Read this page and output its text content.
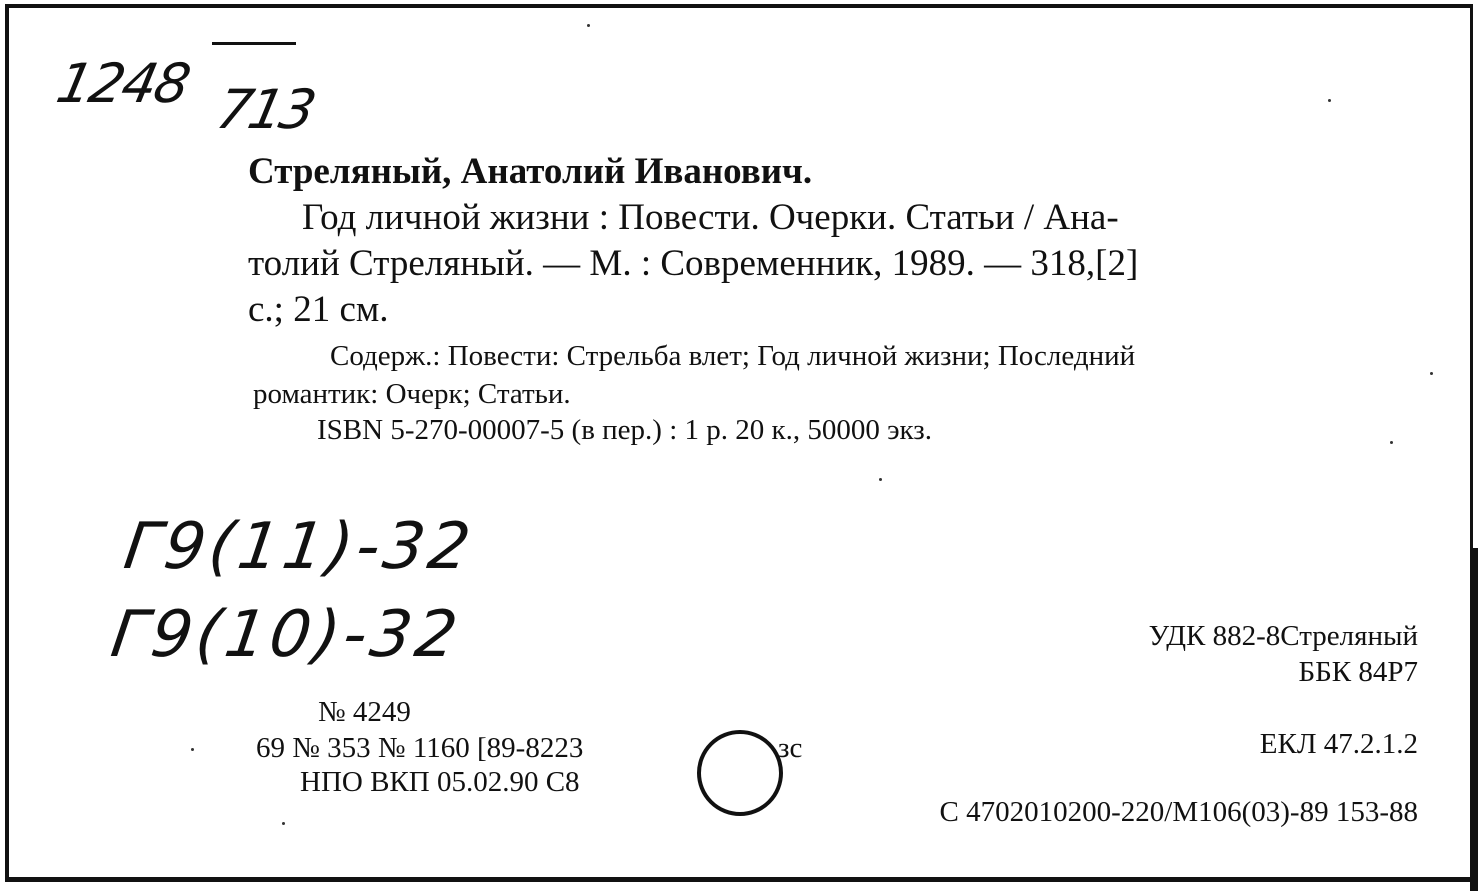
1248 713
Стреляный, Анатолий Иванович.
Год личной жизни : Повести. Очерки. Статьи / Ана-
толий Стреляный. — М. : Современник, 1989. — 318,[2]
с.; 21 см.
Содерж.: Повести: Стрельба влет; Год личной жизни; Последний
романтик: Очерк; Статьи.
ISBN 5-270-00007-5 (в пер.) : 1 р. 20 к., 50000 экз.
Г9(11)-32
Г9(10)-32	УДК 882-8Стреляный
ББК 84Р7
ЕКЛ 47.2.1.2
С 4702010200-220/М106(03)-89 153-88
№ 4249
69 № 353 № 1160 [89-8223	зс
НПО ВКП 05.02.90 С8
